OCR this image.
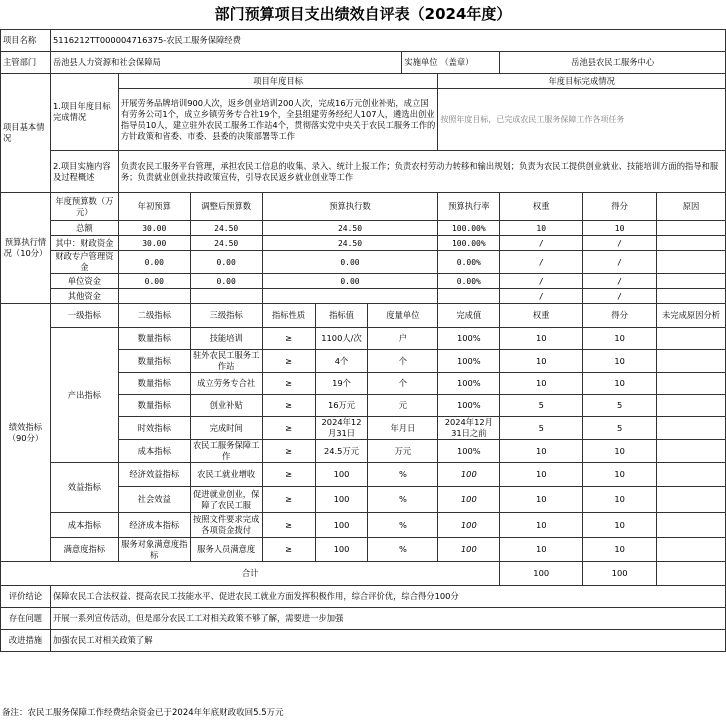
部门预算项目支出绩效自评表（2024年度）
项目名称	5116212TT000004716375-农民工服务保障经费										
主管部门	岳池县人力资源和社会保障局						实施单位 （盖章）		岳池县农民工服务中心		
项目基本情况	1.项目年度目标完成情况	项目年度目标						年度目标完成情况			
		开展劳务品牌培训900人次，返乡创业培训200人次，完成16万元创业补贴，成立国有劳务公司1个，成立乡镇劳务专合社19个，全县组建劳务经纪人107人，遴选出创业指导员10人，建立驻外农民工服务工作站4个，贯彻落实党中央关于农民工服务工作的方针政策和省委、市委、县委的决策部署等工作						按照年度目标，已完成农民工服务保障工作各项任务			
	2.项目实施内容及过程概述	负责农民工服务平台管理，承担农民工信息的收集、录入、统计上报工作；负责农村劳动力转移和输出规划；负责为农民工提供创业就业、技能培训方面的指导和服务；负责就业创业扶持政策宣传，引导农民返乡就业创业等工作									

预算执行情况（10分）	年度预算数（万元）	年初预算	调整后预算数	预算执行数				预算执行率	权重	得分	原因
	总额	30.00	24.50	24.50				100.00%	10	10	
	其中：财政资金	30.00	24.50	24.50				100.00%	/	/	
	财政专户管理资金	0.00	0.00	0.00				0.00%	/	/	
	单位资金	0.00	0.00	0.00				0.00%	/	/	
	其他资金								/	/	
绩效指标（90分）	一级指标	二级指标	三级指标	指标性质	指标值	度量单位		完成值	权重	得分	未完成原因分析
	产出指标	数量指标	技能培训	≥	1100人/次	户		100%	10	10	
		数量指标	驻外农民工服务工作站	≥	4个	个		100%	10	10	
		数量指标	成立劳务专合社	≥	19个	个		100%	10	10	
		数量指标	创业补贴	≥	16万元	元		100%	5	5	
		时效指标	完成时间	≥	2024年12月31日	年月日		2024年12月31日之前	5	5	
		成本指标	农民工服务保障工作	≥	24.5万元	万元		100%	10	10	
	效益指标	经济效益指标	农民工就业增收	≥	100	%		100	10	10	
		社会效益	促进就业创业，保障了农民工服	≥	100	%		100	10	10	
	成本指标	经济成本指标	按照文件要求完成各项资金拨付	≥	100	%		100	10	10	
	满意度指标	服务对象满意度指标	服务人员满意度	≥	100	%		100	10	10	
合计									100	100	
评价结论	保障农民工合法权益、提高农民工技能水平、促进农民工就业方面发挥积极作用，综合评价优，综合得分100分										
存在问题	开展一系列宣传活动，但是部分农民工工对相关政策不够了解，需要进一步加强										
改进措施	加强农民工对相关政策了解										
备注：农民工服务保障工作经费结余资金已于2024年年底财政收回5.5万元
